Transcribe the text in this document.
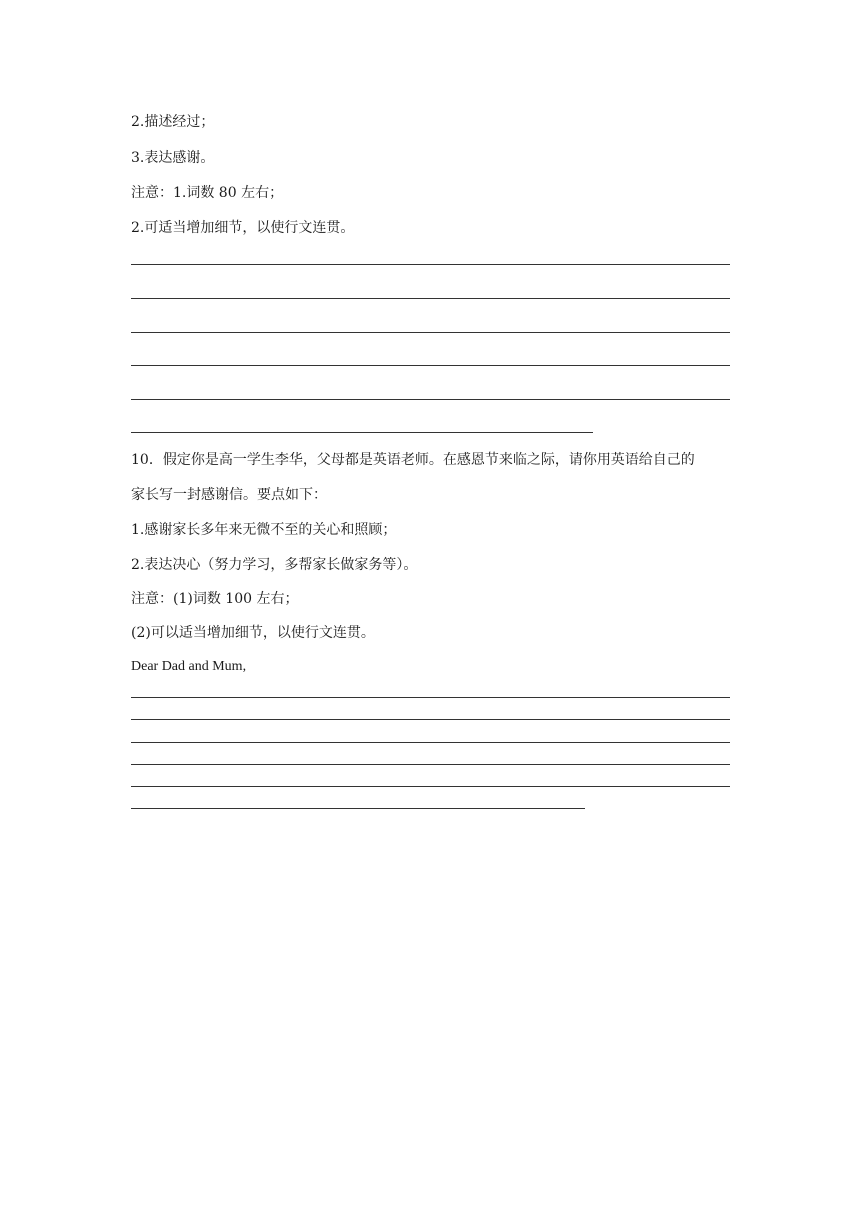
2.描述经过；
3.表达感谢。
注意：1.词数 80 左右；
2.可适当增加细节，以使行文连贯。
10．假定你是高一学生李华，父母都是英语老师。在感恩节来临之际，请你用英语给自己的
家长写一封感谢信。要点如下：
1.感谢家长多年来无微不至的关心和照顾；
2.表达决心（努力学习，多帮家长做家务等）。
注意：(1)词数 100 左右；
(2)可以适当增加细节，以使行文连贯。
Dear Dad and Mum,
